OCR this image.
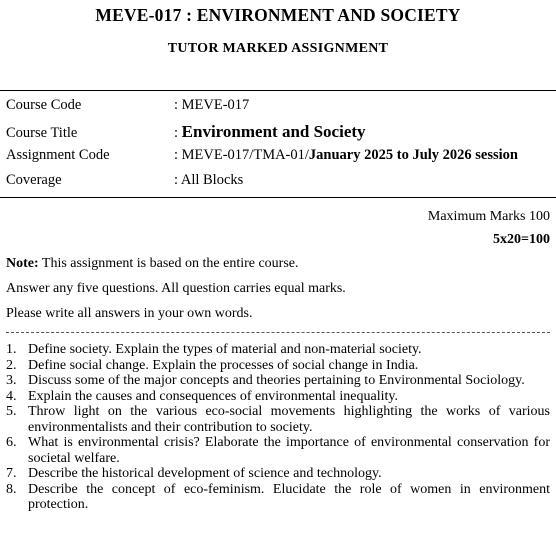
MEVE-017 : ENVIRONMENT AND SOCIETY
TUTOR MARKED ASSIGNMENT
Course Code	: MEVE-017
Course Title	: Environment and Society
Assignment Code	: MEVE-017/TMA-01/January 2025 to July 2026 session
Coverage	: All Blocks
Maximum Marks 100
5x20=100

Note: This assignment is based on the entire course.

Answer any five questions. All question carries equal marks.

Please write all answers in your own words.

1. Define society. Explain the types of material and non-material society.
2. Define social change. Explain the processes of social change in India.
3. Discuss some of the major concepts and theories pertaining to Environmental Sociology.
4. Explain the causes and consequences of environmental inequality.
5. Throw light on the various eco-social movements highlighting the works of various environmentalists and their contribution to society.
6. What is environmental crisis? Elaborate the importance of environmental conservation for societal welfare.
7. Describe the historical development of science and technology.
8. Describe the concept of eco-feminism. Elucidate the role of women in environment protection.
